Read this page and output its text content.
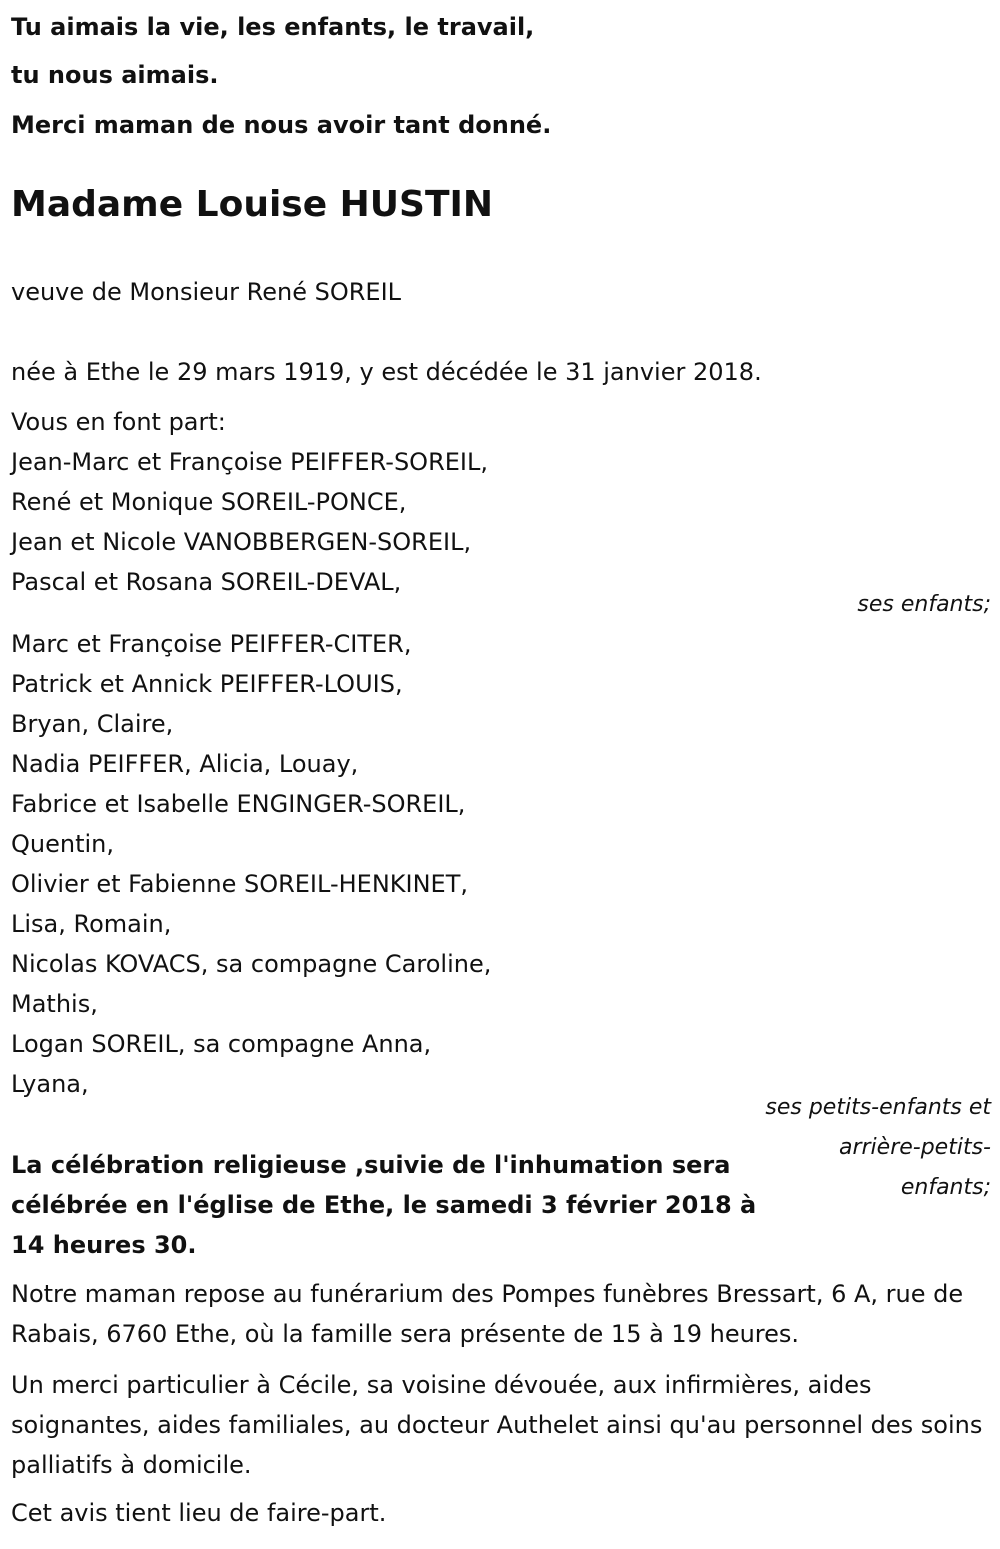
Tu aimais la vie, les enfants, le travail,
tu nous aimais.
Merci maman de nous avoir tant donné.
Madame Louise HUSTIN
veuve de Monsieur René SOREIL
née à Ethe le 29 mars 1919, y est décédée le 31 janvier 2018.
Vous en font part:
Jean-Marc et Françoise PEIFFER-SOREIL,
René et Monique SOREIL-PONCE,
Jean et Nicole VANOBBERGEN-SOREIL,
Pascal et Rosana SOREIL-DEVAL,
ses enfants;
Marc et Françoise PEIFFER-CITER,
Patrick et Annick PEIFFER-LOUIS,
Bryan, Claire,
Nadia PEIFFER, Alicia, Louay,
Fabrice et Isabelle ENGINGER-SOREIL,
Quentin,
Olivier et Fabienne SOREIL-HENKINET,
Lisa, Romain,
Nicolas KOVACS, sa compagne Caroline,
Mathis,
Logan SOREIL, sa compagne Anna,
Lyana,
ses petits-enfants et arrière-petits-enfants;
La célébration religieuse ,suivie de l'inhumation sera célébrée en l'église de Ethe, le samedi 3 février 2018 à 14 heures 30.
Notre maman repose au funérarium des Pompes funèbres Bressart, 6 A, rue de Rabais, 6760 Ethe, où la famille sera présente de 15 à 19 heures.
Un merci particulier à Cécile, sa voisine dévouée, aux infirmières, aides soignantes, aides familiales, au docteur Authelet ainsi qu'au personnel des soins palliatifs à domicile.
Cet avis tient lieu de faire-part.
